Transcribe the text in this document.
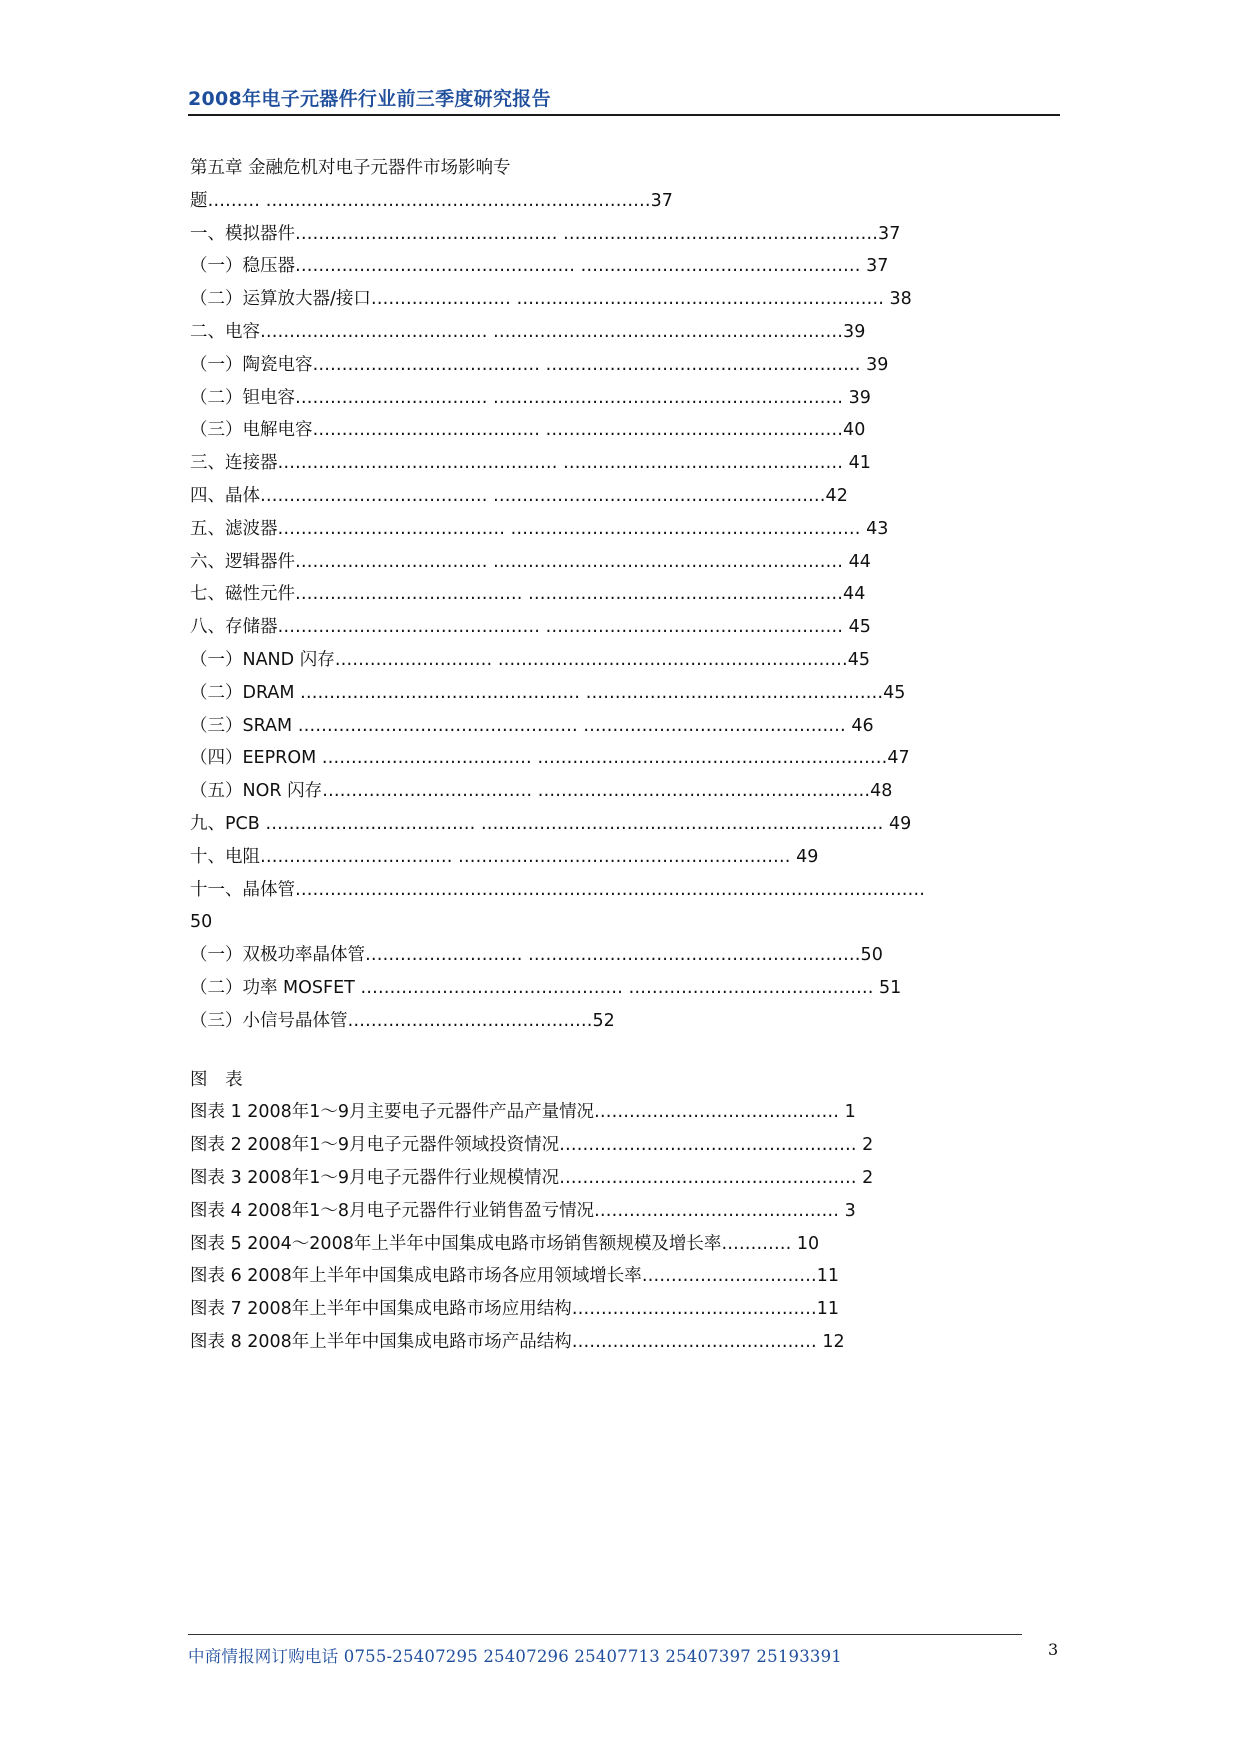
2008年电子元器件行业前三季度研究报告
第五章 金融危机对电子元器件市场影响专
题……… …………………………………………………………37
一、模拟器件……………………………………… ………………………………………………37
（一）稳压器………………………………………… ………………………………………… 37
（二）运算放大器/接口…………………… ……………………………………………………… 38
二、电容………………………………… ……………………………………………………39
（一）陶瓷电容………………………………… ……………………………………………… 39
（二）钽电容…………………………… …………………………………………………… 39
（三）电解电容………………………………… ……………………………………………40
三、连接器………………………………………… ………………………………………… 41
四、晶体………………………………… …………………………………………………42
五、滤波器………………………………… …………………………………………………… 43
六、逻辑器件…………………………… …………………………………………………… 44
七、磁性元件………………………………… ………………………………………………44
八、存储器……………………………………… …………………………………………… 45
（一）NAND 闪存……………………… ……………………………………………………45
（二）DRAM ………………………………………… ……………………………………………45
（三）SRAM ………………………………………… ……………………………………… 46
（四）EEPROM ……………………………… ……………………………………………………47
（五）NOR 闪存……………………………… …………………………………………………48
九、PCB ……………………………… …………………………………………………………… 49
十、电阻…………………………… ………………………………………………… 49
十一、晶体管………………………………………………………………………………………………
50
（一）双极功率晶体管……………………… …………………………………………………50
（二）功率 MOSFET ……………………………………… …………………………………… 51
（三）小信号晶体管……………………………………52
图 表
图表 1 2008年1～9月主要电子元器件产品产量情况…………………………………… 1
图表 2 2008年1～9月电子元器件领域投资情况…………………………………………… 2
图表 3 2008年1～9月电子元器件行业规模情况…………………………………………… 2
图表 4 2008年1～8月电子元器件行业销售盈亏情况…………………………………… 3
图表 5 2004～2008年上半年中国集成电路市场销售额规模及增长率………… 10
图表 6 2008年上半年中国集成电路市场各应用领域增长率…………………………11
图表 7 2008年上半年中国集成电路市场应用结构……………………………………11
图表 8 2008年上半年中国集成电路市场产品结构…………………………………… 12
中商情报网订购电话 0755-25407295 25407296 25407713 25407397 25193391	3
